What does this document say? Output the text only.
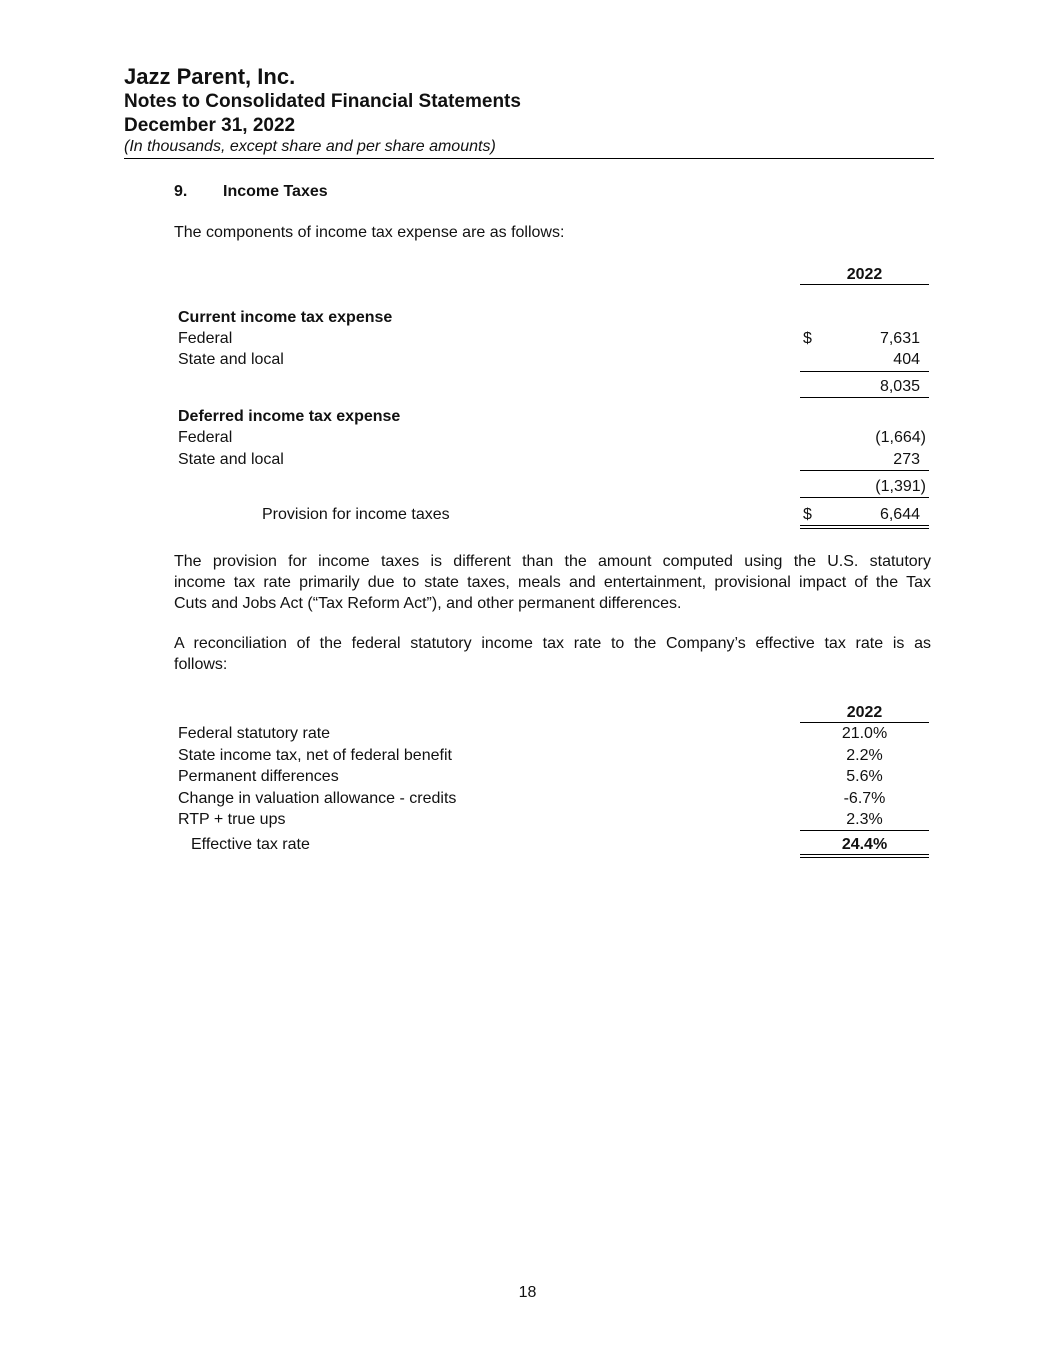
Jazz Parent, Inc.
Notes to Consolidated Financial Statements
December 31, 2022
(In thousands, except share and per share amounts)
9. Income Taxes
The components of income tax expense are as follows:
2022
Current income tax expense
Federal	$	7,631
State and local	404
8,035
Deferred income tax expense
Federal	(1,664)
State and local	273
(1,391)
Provision for income taxes	$	6,644
The provision for income taxes is different than the amount computed using the U.S. statutory
income tax rate primarily due to state taxes, meals and entertainment, provisional impact of the Tax
Cuts and Jobs Act (“Tax Reform Act”), and other permanent differences.
A reconciliation of the federal statutory income tax rate to the Company’s effective tax rate is as
follows:
2022
Federal statutory rate	21.0%
State income tax, net of federal benefit	2.2%
Permanent differences	5.6%
Change in valuation allowance - credits	-6.7%
RTP + true ups	2.3%
Effective tax rate	24.4%
18
